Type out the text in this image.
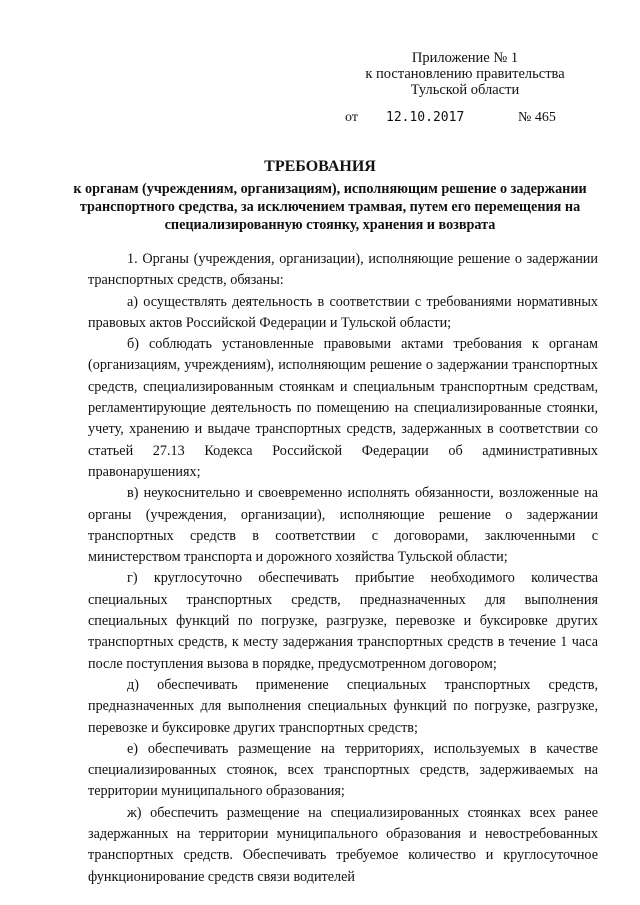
Приложение № 1
к постановлению правительства
Тульской области
от 12.10.2017	№ 465
ТРЕБОВАНИЯ
к органам (учреждениям, организациям), исполняющим решение о задержании транспортного средства, за исключением трамвая, путем его перемещения на специализированную стоянку, хранения и возврата

1. Органы (учреждения, организации), исполняющие решение о задержании транспортных средств, обязаны:

а) осуществлять деятельность в соответствии с требованиями нормативных правовых актов Российской Федерации и Тульской области;

б) соблюдать установленные правовыми актами требования к органам (организациям, учреждениям), исполняющим решение о задержании транспортных средств, специализированным стоянкам и специальным транспортным средствам, регламентирующие деятельность по помещению на специализированные стоянки, учету, хранению и выдаче транспортных средств, задержанных в соответствии со статьей 27.13 Кодекса Российской Федерации об административных правонарушениях;

в) неукоснительно и своевременно исполнять обязанности, возложенные на органы (учреждения, организации), исполняющие решение о задержании транспортных средств в соответствии с договорами, заключенными с министерством транспорта и дорожного хозяйства Тульской области;

г) круглосуточно обеспечивать прибытие необходимого количества специальных транспортных средств, предназначенных для выполнения специальных функций по погрузке, разгрузке, перевозке и буксировке других транспортных средств, к месту задержания транспортных средств в течение 1 часа после поступления вызова в порядке, предусмотренном договором;

д) обеспечивать применение специальных транспортных средств, предназначенных для выполнения специальных функций по погрузке, разгрузке, перевозке и буксировке других транспортных средств;

е) обеспечивать размещение на территориях, используемых в качестве специализированных стоянок, всех транспортных средств, задерживаемых на территории муниципального образования;

ж) обеспечить размещение на специализированных стоянках всех ранее задержанных на территории муниципального образования и невостребованных транспортных средств. Обеспечивать требуемое количество и круглосуточное функционирование средств связи водителей
